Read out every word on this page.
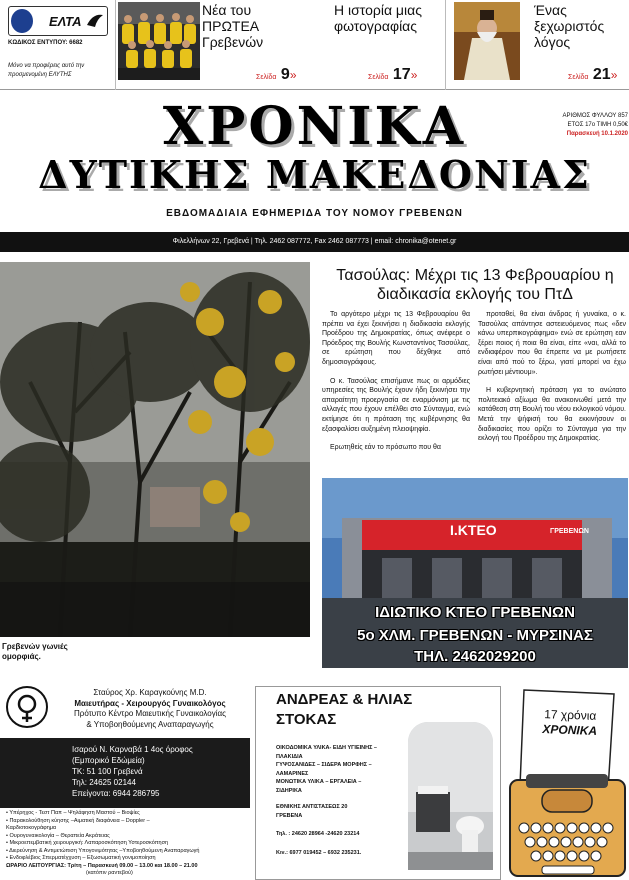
ΕΛΤΑ
ΚΩΔΙΚΟΣ ΕΝΤΥΠΟΥ: 6682
Μόνο να προφέρεις αυτό την προσμενομένη ΕΛΥΤΗΣ
Νέα του ΠΡΩΤΕΑ Γρεβενών
Σελίδα 9»
Η ιστορία μιας φωτογραφίας
Σελίδα 17»
Ένας ξεχωριστός λόγος
Σελίδα 21»
ΧΡΟΝΙΚΑ
ΔΥΤΙΚΗΣ ΜΑΚΕΔΟΝΙΑΣ
ΕΒΔΟΜΑΔΙΑΙΑ ΕΦΗΜΕΡΙΔΑ ΤΟΥ ΝΟΜΟΥ ΓΡΕΒΕΝΩΝ
ΑΡΙΘΜΟΣ ΦΥΛΛΟΥ 857
ΕΤΟΣ 17ο ΤΙΜΗ 0,50€
Παρασκευή 10.1.2020
Φιλελλήνων 22, Γρεβενά | Τηλ. 2462 087772, Fax 2462 087773 | email: chronika@otenet.gr
Γρεβενών γωνιές ομορφιάς.
Τασούλας: Μέχρι τις 13 Φεβρουαρίου η διαδικασία εκλογής του ΠτΔ

Το αργότερο μέχρι τις 13 Φεβρουαρίου θα πρέπει να έχει ξεκινήσει η διαδικασία εκλογής Προέδρου της Δημοκρατίας, όπως ανέφερε ο Πρόεδρος της Βουλής Κωνσταντίνος Τασούλας, σε ερώτηση που δέχθηκε από δημοσιογράφους.

Ο κ. Τασούλας επισήμανε πως οι αρμόδιες υπηρεσίες της Βουλής έχουν ήδη ξεκινήσει την απαραίτητη προεργασία σε εναρμόνιση με τις αλλαγές που έχουν επέλθει στο Σύνταγμα, ενώ εκτίμησε ότι η πρόταση της κυβέρνησης θα εξασφαλίσει αυξημένη πλειοψηφία.

Ερωτηθείς εάν το πρόσωπο που θα

προταθεί, θα είναι άνδρας ή γυναίκα, ο κ. Τασούλας απάντησε αστειευόμενος πως «δεν κάνω υπερπικογράφημα» ενώ σε ερώτηση εαν ξέρει ποιος ή ποια θα είναι, είπε «ναι, αλλά το ενδιαφέρον που θα έπρεπε να με ρωτήσετε είναι από πού το ξέρω, γιατί μπορεί να έχω ρωτήσει μέντιουμ».

Η κυβερνητική πρόταση για το ανώτατο πολιτειακό αξίωμα θα ανακοινωθεί μετά την κατάθεση στη Βουλή του νέου εκλογικού νόμου. Μετά την ψήφισή του θα εκκινήσουν οι διαδικασίες που ορίζει το Σύνταγμα για την εκλογή του Προέδρου της Δημοκρατίας.

Ι.ΚΤΕΟ	ΓΡΕΒΕΝΩΝ
ΙΔΙΩΤΙΚΟ ΚΤΕΟ ΓΡΕΒΕΝΩΝ
5ο ΧΛΜ. ΓΡΕΒΕΝΩΝ - ΜΥΡΣΙΝΑΣ
ΤΗΛ. 2462029200
Σταύρος Χρ. Καραγκούνης M.D.
Μαιευτήρας - Χειρουργός Γυναικολόγος
Πρότυπο Κέντρο Μαιευτικής Γυναικολογίας
& Υποβοηθούμενης Αναπαραγωγής
Ισαρού Ν. Καρναβά 1 4ος όροφος
(Εμπορικό Εδώμεία)
ΤΚ: 51 100 Γρεβενά
Τηλ: 24625 02144
Επείγοντα: 6944 286795
• Υπέρηχος - Τεστ Παπ – Ψηλάφηση Μαστού – Βιοψίες
• Παρακολούθηση κύησης –Αιματική διαφάνεια – Doppler –
Καρδιοτοκογράφημα
• Ουρογυναικολογία – Θεραπεία Ακράτειας
• Μικροεπεμβατική χειρουργική: Λαπαροσκόπηση Υστεροσκόπηση
• Διερεύνηση & Αντιμετώπιση Υπογονιμότητας –Υποβοηθούμενη Αναπαραγωγή
• Ενδοφλέβιος Σπερματέγχυση – Εξωσωματική γονιμοποίηση
ΩΡΑΡΙΟ ΛΕΙΤΟΥΡΓΙΑΣ: Τρίτη – Παρασκευή 09.00 – 13.00 και 18.00 – 21.00
(κατόπιν ραντεβού)
ΑΝΔΡΕΑΣ & ΗΛΙΑΣ
ΣΤΟΚΑΣ
ΟΙΚΟΔΟΜΙΚΑ ΥΛΙΚΑ- ΕΙΔΗ ΥΓΙΕΙΝΗΣ –
ΠΛΑΚΙΔΙΑ
ΓΥΨΟΣΑΝΙΔΕΣ – ΣΙΔΕΡΑ ΜΟΡΦΗΣ –
ΛΑΜΑΡΙΝΕΣ
ΜΟΝΩΤΙΚΑ ΥΛΙΚΑ – ΕΡΓΑΛΕΙΑ –
ΣΙΔΗΡΙΚΑ
ΕΘΝΙΚΗΣ ΑΝΤΙΣΤΑΣΕΩΣ 20
ΓΡΕΒΕΝΑ
Τηλ. : 24620 28964 -24620 23214
Κιν.: 6977 019452 – 6932 235231.
17 χρόνια
ΧΡΟΝΙΚΑ
